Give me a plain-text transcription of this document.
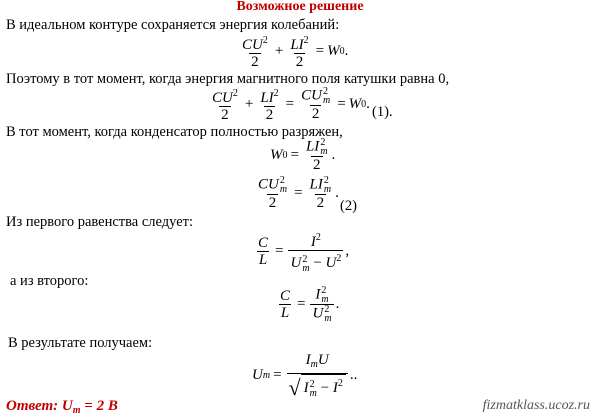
Возможное решение
В идеальном контуре сохраняется энергия колебаний:
$\frac{CU^2}{2} + \frac{LI^2}{2} = W$ 0 .
Поэтому в тот момент, когда энергия магнитного поля катушки равна 0,
$\frac{CU^2}{2} + \frac{LI^2}{2}$ = CU 2
m
2 = W 0 . (1).
В тот момент, когда конденсатор полностью разряжен,
W 0 = LI 2
m
2 .
CU 2
m
2 = LI 2
m
2 .
(2)
Из первого равенства следует:
$\frac{C}{L} = I^2$
U 2
$m - U^2$ ,
а из второго:
$\frac{C}{L} = I$ 2
m
U 2
m .
В результате получаем:
U $m = I_mU$
√ I 2
$m - I^2$ ..
Ответ: $U_m = 2$ В	fizmatklass.ucoz.ru
